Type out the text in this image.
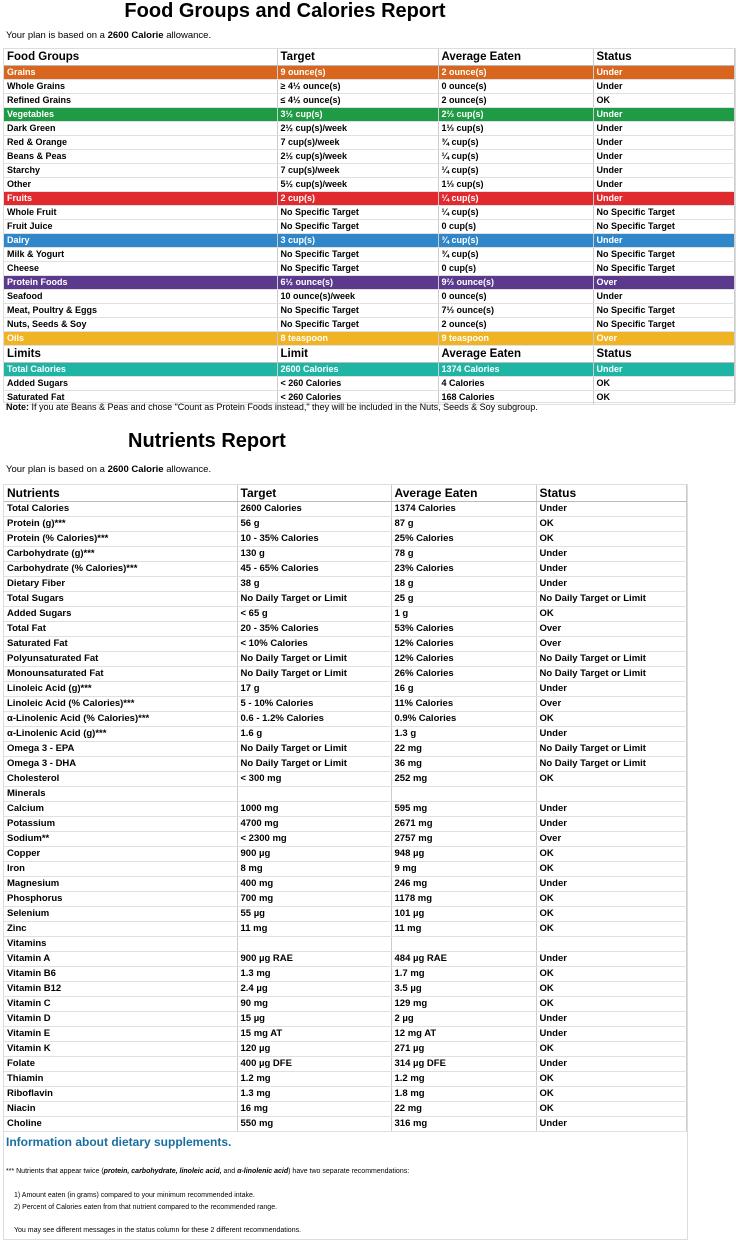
Food Groups and Calories Report
Your plan is based on a 2600 Calorie allowance.
Food Groups	Target	Average Eaten	Status
Grains	9 ounce(s)	2 ounce(s)	Under
Whole Grains	≥ 4½ ounce(s)	0 ounce(s)	Under
Refined Grains	≤ 4½ ounce(s)	2 ounce(s)	OK
Vegetables	3½ cup(s)	2⅔ cup(s)	Under
Dark Green	2½ cup(s)/week	1⅓ cup(s)	Under
Red & Orange	7 cup(s)/week	¾ cup(s)	Under
Beans & Peas	2½ cup(s)/week	¼ cup(s)	Under
Starchy	7 cup(s)/week	¼ cup(s)	Under
Other	5½ cup(s)/week	1⅓ cup(s)	Under
Fruits	2 cup(s)	¼ cup(s)	Under
Whole Fruit	No Specific Target	¼ cup(s)	No Specific Target
Fruit Juice	No Specific Target	0 cup(s)	No Specific Target
Dairy	3 cup(s)	¾ cup(s)	Under
Milk & Yogurt	No Specific Target	¾ cup(s)	No Specific Target
Cheese	No Specific Target	0 cup(s)	No Specific Target
Protein Foods	6½ ounce(s)	9⅔ ounce(s)	Over
Seafood	10 ounce(s)/week	0 ounce(s)	Under
Meat, Poultry & Eggs	No Specific Target	7⅓ ounce(s)	No Specific Target
Nuts, Seeds & Soy	No Specific Target	2 ounce(s)	No Specific Target
Oils	8 teaspoon	9 teaspoon	Over
Limits	Limit	Average Eaten	Status
Total Calories	2600 Calories	1374 Calories	Under
Added Sugars	< 260 Calories	4 Calories	OK
Saturated Fat	< 260 Calories	168 Calories	OK
Note: If you ate Beans & Peas and chose "Count as Protein Foods instead," they will be included in the Nuts, Seeds & Soy subgroup.
Nutrients Report
Your plan is based on a 2600 Calorie allowance.
Nutrients	Target	Average Eaten	Status
Total Calories	2600 Calories	1374 Calories	Under
Protein (g)***	56 g	87 g	OK
Protein (% Calories)***	10 - 35% Calories	25% Calories	OK
Carbohydrate (g)***	130 g	78 g	Under
Carbohydrate (% Calories)***	45 - 65% Calories	23% Calories	Under
Dietary Fiber	38 g	18 g	Under
Total Sugars	No Daily Target or Limit	25 g	No Daily Target or Limit
Added Sugars	< 65 g	1 g	OK
Total Fat	20 - 35% Calories	53% Calories	Over
Saturated Fat	< 10% Calories	12% Calories	Over
Polyunsaturated Fat	No Daily Target or Limit	12% Calories	No Daily Target or Limit
Monounsaturated Fat	No Daily Target or Limit	26% Calories	No Daily Target or Limit
Linoleic Acid (g)***	17 g	16 g	Under
Linoleic Acid (% Calories)***	5 - 10% Calories	11% Calories	Over
α-Linolenic Acid (% Calories)***	0.6 - 1.2% Calories	0.9% Calories	OK
α-Linolenic Acid (g)***	1.6 g	1.3 g	Under
Omega 3 - EPA	No Daily Target or Limit	22 mg	No Daily Target or Limit
Omega 3 - DHA	No Daily Target or Limit	36 mg	No Daily Target or Limit
Cholesterol	< 300 mg	252 mg	OK
Minerals			
Calcium	1000 mg	595 mg	Under
Potassium	4700 mg	2671 mg	Under
Sodium**	< 2300 mg	2757 mg	Over
Copper	900 µg	948 µg	OK
Iron	8 mg	9 mg	OK
Magnesium	400 mg	246 mg	Under
Phosphorus	700 mg	1178 mg	OK
Selenium	55 µg	101 µg	OK
Zinc	11 mg	11 mg	OK
Vitamins			
Vitamin A	900 µg RAE	484 µg RAE	Under
Vitamin B6	1.3 mg	1.7 mg	OK
Vitamin B12	2.4 µg	3.5 µg	OK
Vitamin C	90 mg	129 mg	OK
Vitamin D	15 µg	2 µg	Under
Vitamin E	15 mg AT	12 mg AT	Under
Vitamin K	120 µg	271 µg	OK
Folate	400 µg DFE	314 µg DFE	Under
Thiamin	1.2 mg	1.2 mg	OK
Riboflavin	1.3 mg	1.8 mg	OK
Niacin	16 mg	22 mg	OK
Choline	550 mg	316 mg	Under
Information about dietary supplements.
*** Nutrients that appear twice (protein, carbohydrate, linoleic acid, and α-linolenic acid) have two separate recommendations:
1) Amount eaten (in grams) compared to your minimum recommended intake.
2) Percent of Calories eaten from that nutrient compared to the recommended range.
You may see different messages in the status column for these 2 different recommendations.
